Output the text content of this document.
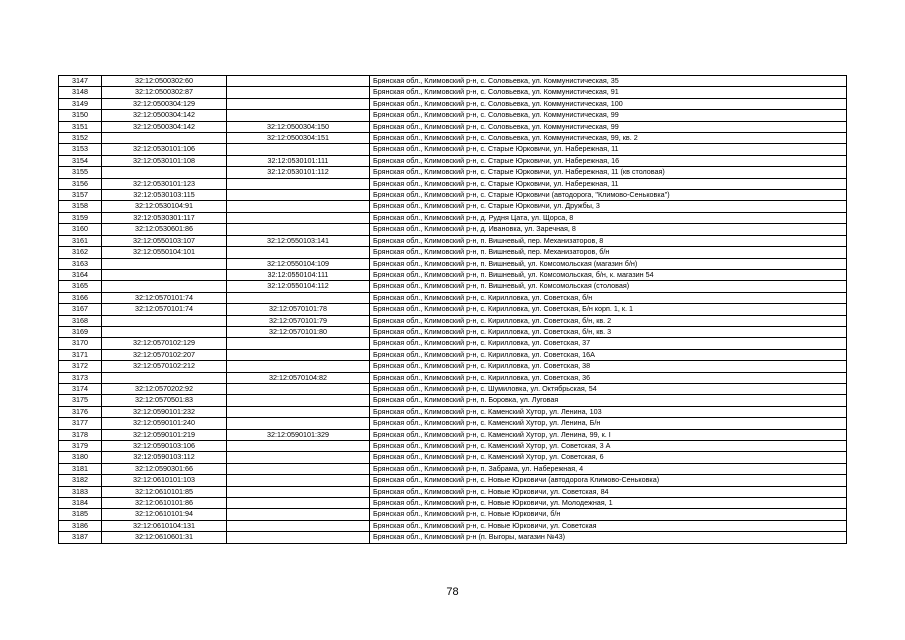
3147	32:12:0500302:60		Брянская обл., Климовский р-н, с. Соловьевка, ул. Коммунистическая, 35
3148	32:12:0500302:87		Брянская обл., Климовский р-н, с. Соловьевка, ул. Коммунистическая, 91
3149	32:12:0500304:129		Брянская обл., Климовский р-н, с. Соловьевка, ул. Коммунистическая, 100
3150	32:12:0500304:142		Брянская обл., Климовский р-н, с. Соловьевка, ул. Коммунистическая, 99
3151	32:12:0500304:142	32:12:0500304:150	Брянская обл., Климовский р-н, с. Соловьевка, ул. Коммунистическая, 99
3152		32:12:0500304:151	Брянская обл., Климовский р-н, с. Соловьевка, ул. Коммунистическая, 99, кв. 2
3153	32:12:0530101:106		Брянская обл., Климовский р-н, с. Старые Юрковичи, ул. Набережная, 11
3154	32:12:0530101:108	32:12:0530101:111	Брянская обл., Климовский р-н, с. Старые Юрковичи, ул. Набережная, 16
3155		32:12:0530101:112	Брянская обл., Климовский р-н, с. Старые Юрковичи, ул. Набережная, 11 (кв столовая)
3156	32:12:0530101:123		Брянская обл., Климовский р-н, с. Старые Юрковичи, ул. Набережная, 11
3157	32:12:0530103:115		Брянская обл., Климовский р-н, с. Старые Юрковичи (автодорога, "Климово-Сеньковка")
3158	32:12:0530104:91		Брянская обл., Климовский р-н, с. Старые Юрковичи, ул. Дружбы, 3
3159	32:12:0530301:117		Брянская обл., Климовский р-н, д. Рудня Цата, ул. Щорса, 8
3160	32:12:0530601:86		Брянская обл., Климовский р-н, д. Ивановка, ул. Заречная, 8
3161	32:12:0550103:107	32:12:0550103:141	Брянская обл., Климовский р-н, п. Вишневый, пер. Механизаторов, 8
3162	32:12:0550104:101		Брянская обл., Климовский р-н, п. Вишневый, пер. Механизаторов, б/н
3163		32:12:0550104:109	Брянская обл., Климовский р-н, п. Вишневый, ул. Комсомольская (магазин б/н)
3164		32:12:0550104:111	Брянская обл., Климовский р-н, п. Вишневый, ул. Комсомольская, б/н, к. магазин 54
3165		32:12:0550104:112	Брянская обл., Климовский р-н, п. Вишневый, ул. Комсомольская (столовая)
3166	32:12:0570101:74		Брянская обл., Климовский р-н, с. Кирилловка, ул. Советская, б/н
3167	32:12:0570101:74	32:12:0570101:78	Брянская обл., Климовский р-н, с. Кирилловка, ул. Советская, Б/н корп. 1, к. 1
3168		32:12:0570101:79	Брянская обл., Климовский р-н, с. Кирилловка, ул. Советская, б/н, кв. 2
3169		32:12:0570101:80	Брянская обл., Климовский р-н, с. Кирилловка, ул. Советская, б/н, кв. 3
3170	32:12:0570102:129		Брянская обл., Климовский р-н, с. Кирилловка, ул. Советская, 37
3171	32:12:0570102:207		Брянская обл., Климовский р-н, с. Кирилловка, ул. Советская, 16А
3172	32:12:0570102:212		Брянская обл., Климовский р-н, с. Кирилловка, ул. Советская, 38
3173		32:12:0570104:82	Брянская обл., Климовский р-н, с. Кирилловка, ул. Советская, 36
3174	32:12:0570202:92		Брянская обл., Климовский р-н, с. Шумиловка, ул. Октябрьская, 54
3175	32:12:0570501:83		Брянская обл., Климовский р-н, п. Боровка, ул. Луговая
3176	32:12:0590101:232		Брянская обл., Климовский р-н, с. Каменский Хутор, ул. Ленина, 103
3177	32:12:0590101:240		Брянская обл., Климовский р-н, с. Каменский Хутор, ул. Ленина, Б/н
3178	32:12:0590101:219	32:12:0590101:329	Брянская обл., Климовский р-н, с. Каменский Хутор, ул. Ленина, 99, к. I
3179	32:12:0590103:106		Брянская обл., Климовский р-н, с. Каменский Хутор, ул. Советская, 3 А
3180	32:12:0590103:112		Брянская обл., Климовский р-н, с. Каменский Хутор, ул. Советская, 6
3181	32:12:0590301:66		Брянская обл., Климовский р-н, п. Забрама, ул. Набережная, 4
3182	32:12:0610101:103		Брянская обл., Климовский р-н, с. Новые Юрковичи (автодорога Климово-Сеньковка)
3183	32:12:0610101:85		Брянская обл., Климовский р-н, с. Новые Юрковичи, ул. Советская, 84
3184	32:12:0610101:86		Брянская обл., Климовский р-н, с. Новые Юрковичи, ул. Молодежная, 1
3185	32:12:0610101:94		Брянская обл., Климовский р-н, с. Новые Юрковичи, б/н
3186	32:12:0610104:131		Брянская обл., Климовский р-н, с. Новые Юрковичи, ул. Советская
3187	32:12:0610601:31		Брянская обл., Климовский р-н (п. Выгоры, магазин №43)
78
